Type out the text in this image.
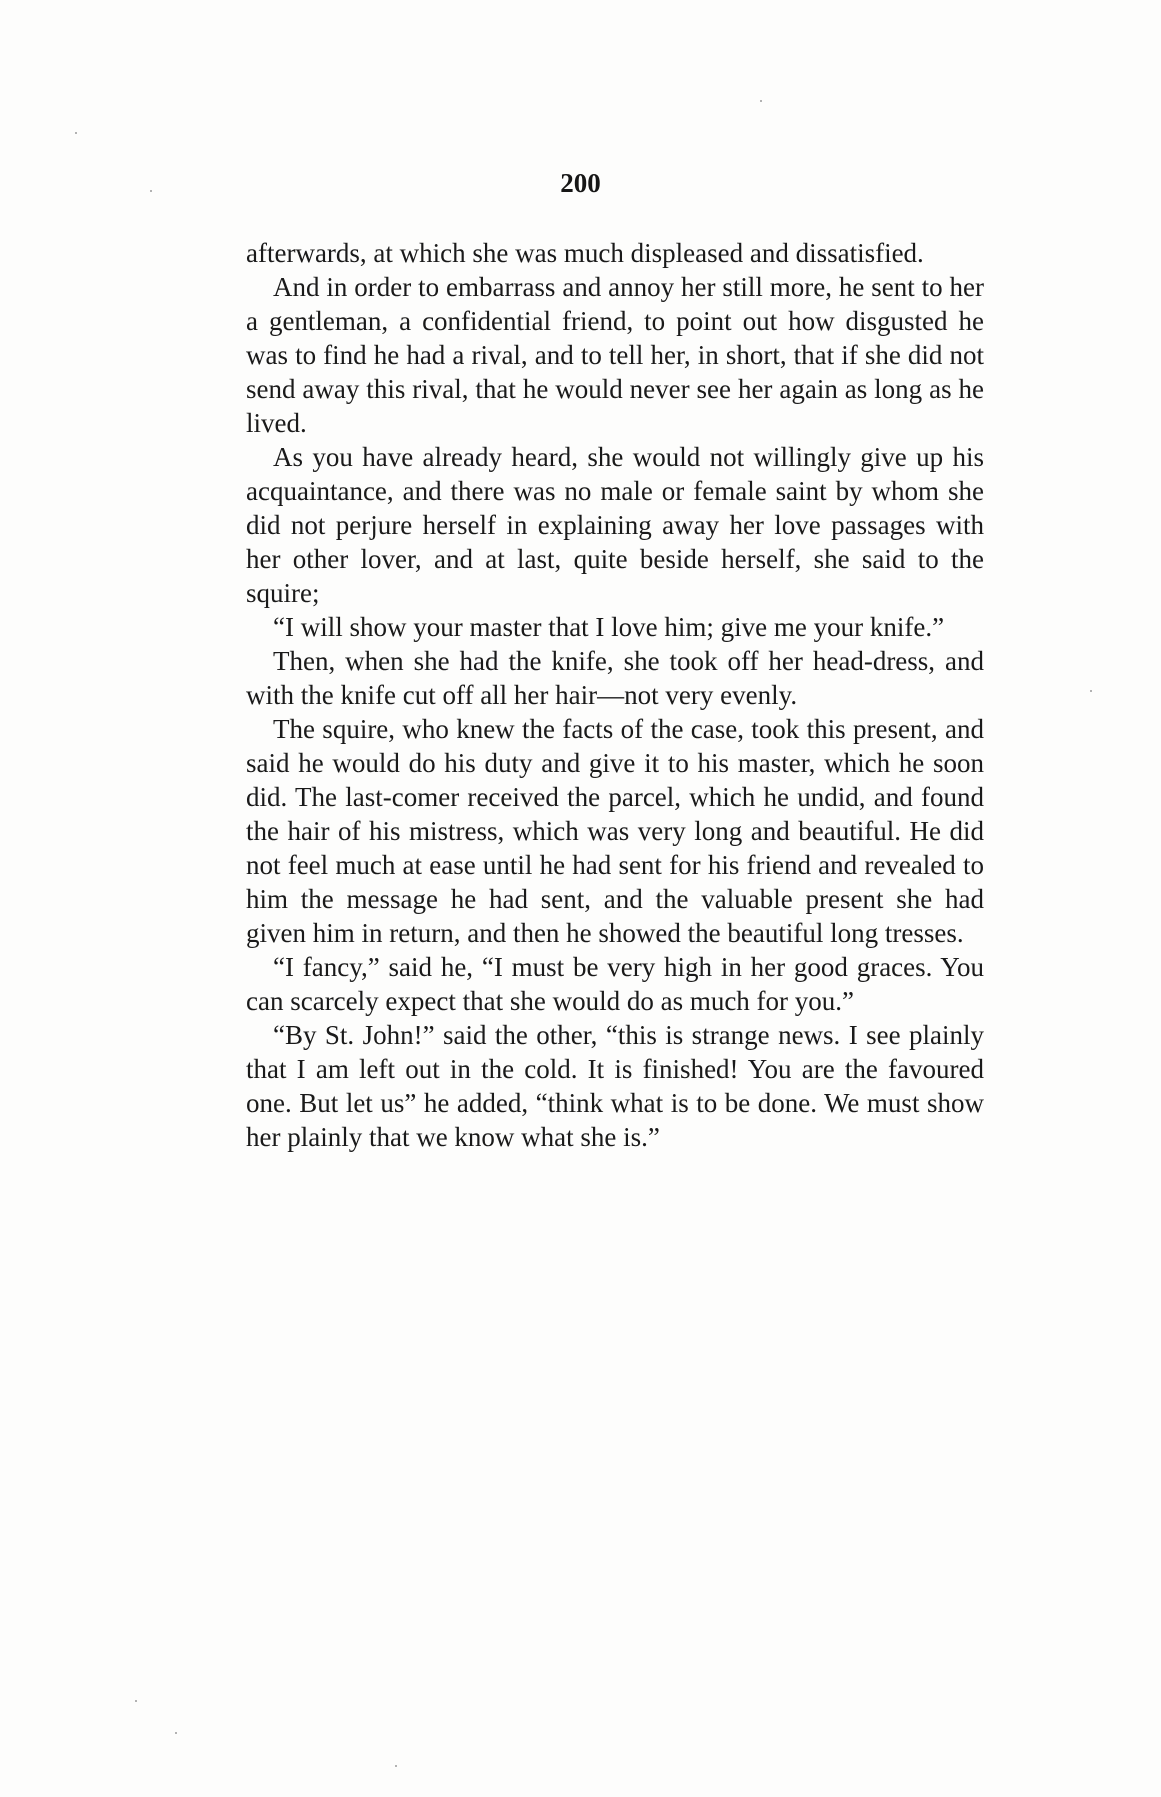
200

afterwards, at which she was much displeased and dissatisfied.

And in order to embarrass and annoy her still more, he sent to her a gentleman, a confidential friend, to point out how disgusted he was to find he had a rival, and to tell her, in short, that if she did not send away this rival, that he would never see her again as long as he lived.

As you have already heard, she would not willingly give up his acquaintance, and there was no male or female saint by whom she did not perjure herself in explaining away her love passages with her other lover, and at last, quite beside herself, she said to the squire;

“I will show your master that I love him; give me your knife.”

Then, when she had the knife, she took off her head-dress, and with the knife cut off all her hair—not very evenly.

The squire, who knew the facts of the case, took this present, and said he would do his duty and give it to his master, which he soon did. The last-comer received the parcel, which he undid, and found the hair of his mistress, which was very long and beautiful. He did not feel much at ease until he had sent for his friend and revealed to him the message he had sent, and the valuable present she had given him in return, and then he showed the beautiful long tresses.

“I fancy,” said he, “I must be very high in her good graces. You can scarcely expect that she would do as much for you.”

“By St. John!” said the other, “this is strange news. I see plainly that I am left out in the cold. It is finished! You are the favoured one. But let us” he added, “think what is to be done. We must show her plainly that we know what she is.”
